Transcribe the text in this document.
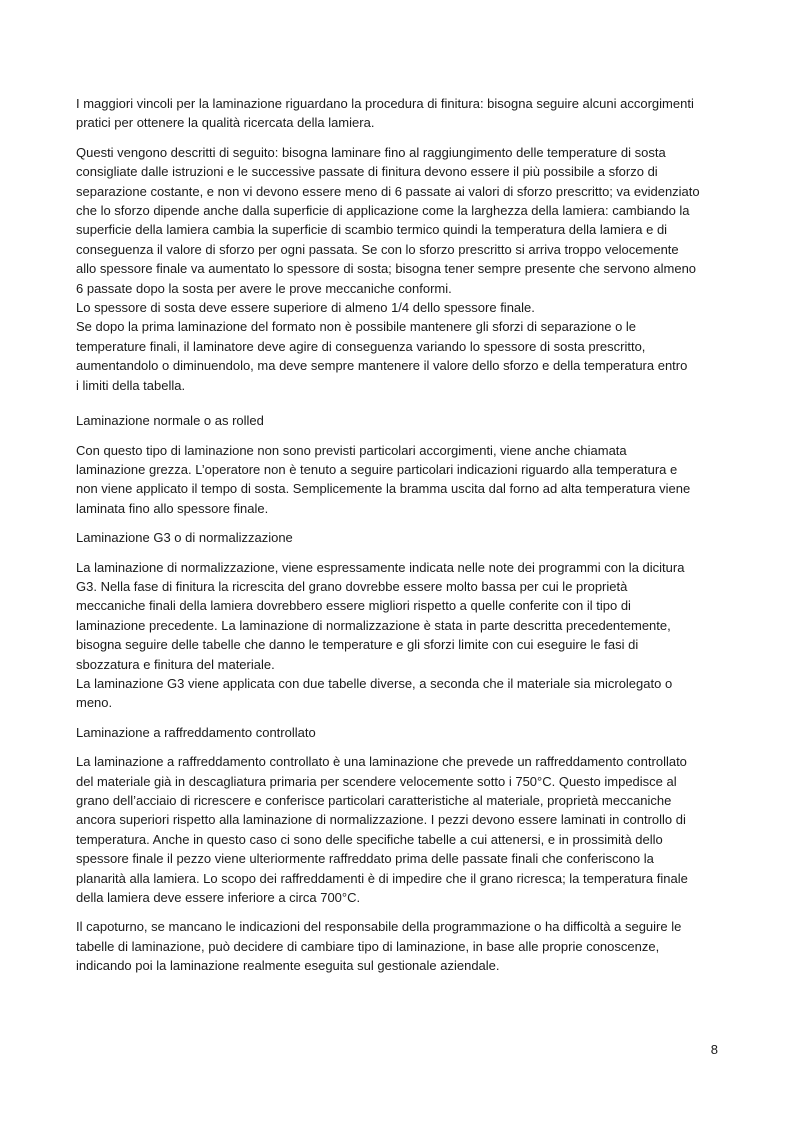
I maggiori vincoli per la laminazione riguardano la procedura di finitura: bisogna seguire alcuni accorgimenti
pratici per ottenere la qualità ricercata della lamiera.

Questi vengono descritti di seguito: bisogna laminare fino al raggiungimento delle temperature di sosta
consigliate dalle istruzioni e le successive passate di finitura devono essere il più possibile a sforzo di
separazione costante, e non vi devono essere meno di 6 passate ai valori di sforzo prescritto; va evidenziato
che lo sforzo dipende anche dalla superficie di applicazione come la larghezza della lamiera: cambiando la
superficie della lamiera cambia la superficie di scambio termico quindi la temperatura della lamiera e di
conseguenza il valore di sforzo per ogni passata. Se con lo sforzo prescritto si arriva troppo velocemente
allo spessore finale va aumentato lo spessore di sosta; bisogna tener sempre presente che servono almeno
6 passate dopo la sosta per avere le prove meccaniche conformi.
Lo spessore di sosta deve essere superiore di almeno 1/4 dello spessore finale.
Se dopo la prima laminazione del formato non è possibile mantenere gli sforzi di separazione o le
temperature finali, il laminatore deve agire di conseguenza variando lo spessore di sosta prescritto,
aumentandolo o diminuendolo, ma deve sempre mantenere il valore dello sforzo e della temperatura entro
i limiti della tabella.

Laminazione normale o as rolled

Con questo tipo di laminazione non sono previsti particolari accorgimenti, viene anche chiamata
laminazione grezza. L’operatore non è tenuto a seguire particolari indicazioni riguardo alla temperatura e
non viene applicato il tempo di sosta. Semplicemente la bramma uscita dal forno ad alta temperatura viene
laminata fino allo spessore finale.

Laminazione G3 o di normalizzazione

La laminazione di normalizzazione, viene espressamente indicata nelle note dei programmi con la dicitura
G3. Nella fase di finitura la ricrescita del grano dovrebbe essere molto bassa per cui le proprietà
meccaniche finali della lamiera dovrebbero essere migliori rispetto a quelle conferite con il tipo di
laminazione precedente. La laminazione di normalizzazione è stata in parte descritta precedentemente,
bisogna seguire delle tabelle che danno le temperature e gli sforzi limite con cui eseguire le fasi di
sbozzatura e finitura del materiale.
La laminazione G3 viene applicata con due tabelle diverse, a seconda che il materiale sia microlegato o
meno.

Laminazione a raffreddamento controllato

La laminazione a raffreddamento controllato è una laminazione che prevede un raffreddamento controllato
del materiale già in descagliatura primaria per scendere velocemente sotto i 750°C. Questo impedisce al
grano dell’acciaio di ricrescere e conferisce particolari caratteristiche al materiale, proprietà meccaniche
ancora superiori rispetto alla laminazione di normalizzazione. I pezzi devono essere laminati in controllo di
temperatura. Anche in questo caso ci sono delle specifiche tabelle a cui attenersi, e in prossimità dello
spessore finale il pezzo viene ulteriormente raffreddato prima delle passate finali che conferiscono la
planarità alla lamiera. Lo scopo dei raffreddamenti è di impedire che il grano ricresca; la temperatura finale
della lamiera deve essere inferiore a circa 700°C.

Il capoturno, se mancano le indicazioni del responsabile della programmazione o ha difficoltà a seguire le
tabelle di laminazione, può decidere di cambiare tipo di laminazione, in base alle proprie conoscenze,
indicando poi la laminazione realmente eseguita sul gestionale aziendale.

8
